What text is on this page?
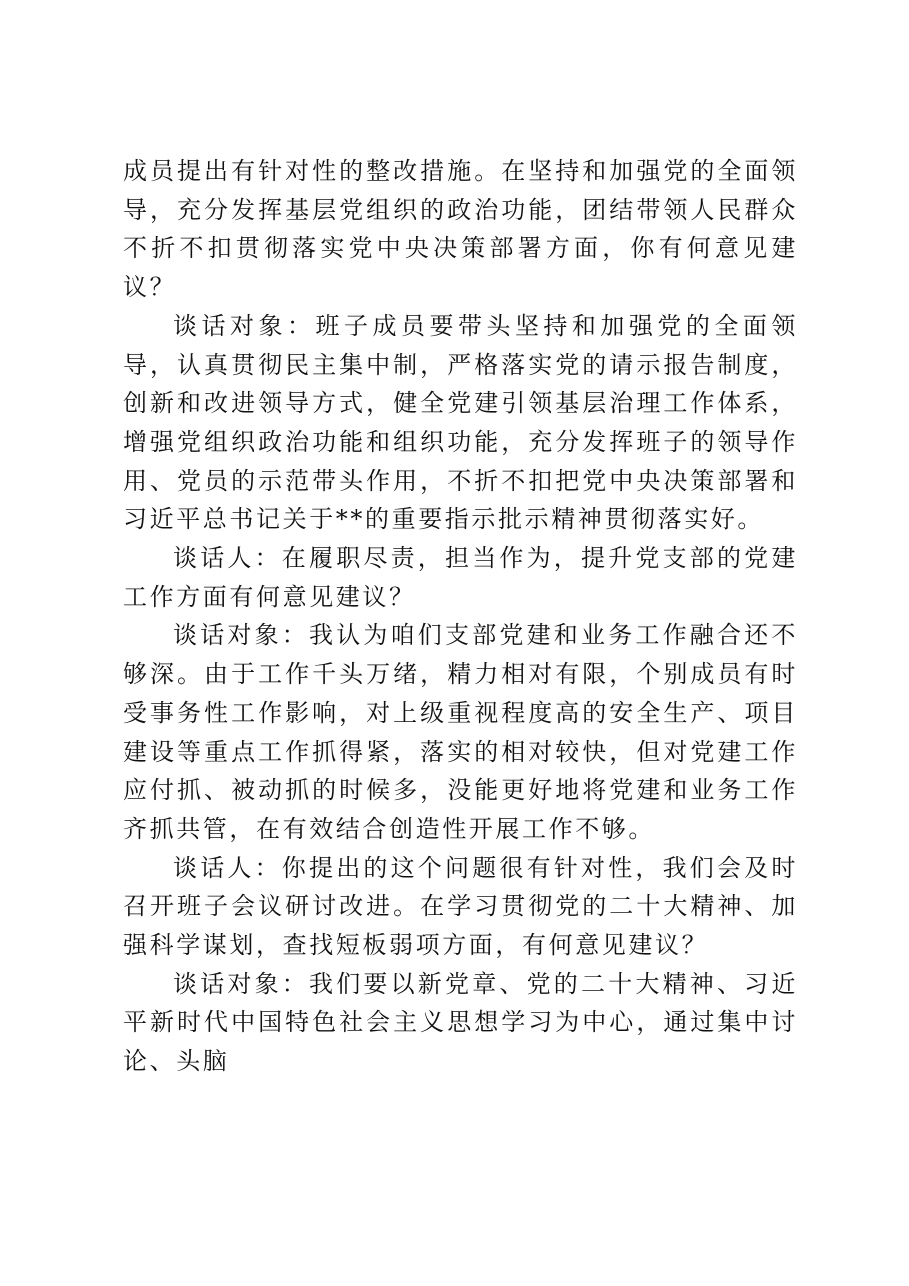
成员提出有针对性的整改措施。在坚持和加强党的全面领导，充分发挥基层党组织的政治功能，团结带领人民群众不折不扣贯彻落实党中央决策部署方面，你有何意见建议？

谈话对象：班子成员要带头坚持和加强党的全面领导，认真贯彻民主集中制，严格落实党的请示报告制度，创新和改进领导方式，健全党建引领基层治理工作体系，增强党组织政治功能和组织功能，充分发挥班子的领导作用、党员的示范带头作用，不折不扣把党中央决策部署和习近平总书记关于**的重要指示批示精神贯彻落实好。

谈话人：在履职尽责，担当作为，提升党支部的党建工作方面有何意见建议？

谈话对象：我认为咱们支部党建和业务工作融合还不够深。由于工作千头万绪，精力相对有限，个别成员有时受事务性工作影响，对上级重视程度高的安全生产、项目建设等重点工作抓得紧，落实的相对较快，但对党建工作应付抓、被动抓的时候多，没能更好地将党建和业务工作齐抓共管，在有效结合创造性开展工作不够。

谈话人：你提出的这个问题很有针对性，我们会及时召开班子会议研讨改进。在学习贯彻党的二十大精神、加强科学谋划，查找短板弱项方面，有何意见建议？

谈话对象：我们要以新党章、党的二十大精神、习近平新时代中国特色社会主义思想学习为中心，通过集中讨论、头脑
